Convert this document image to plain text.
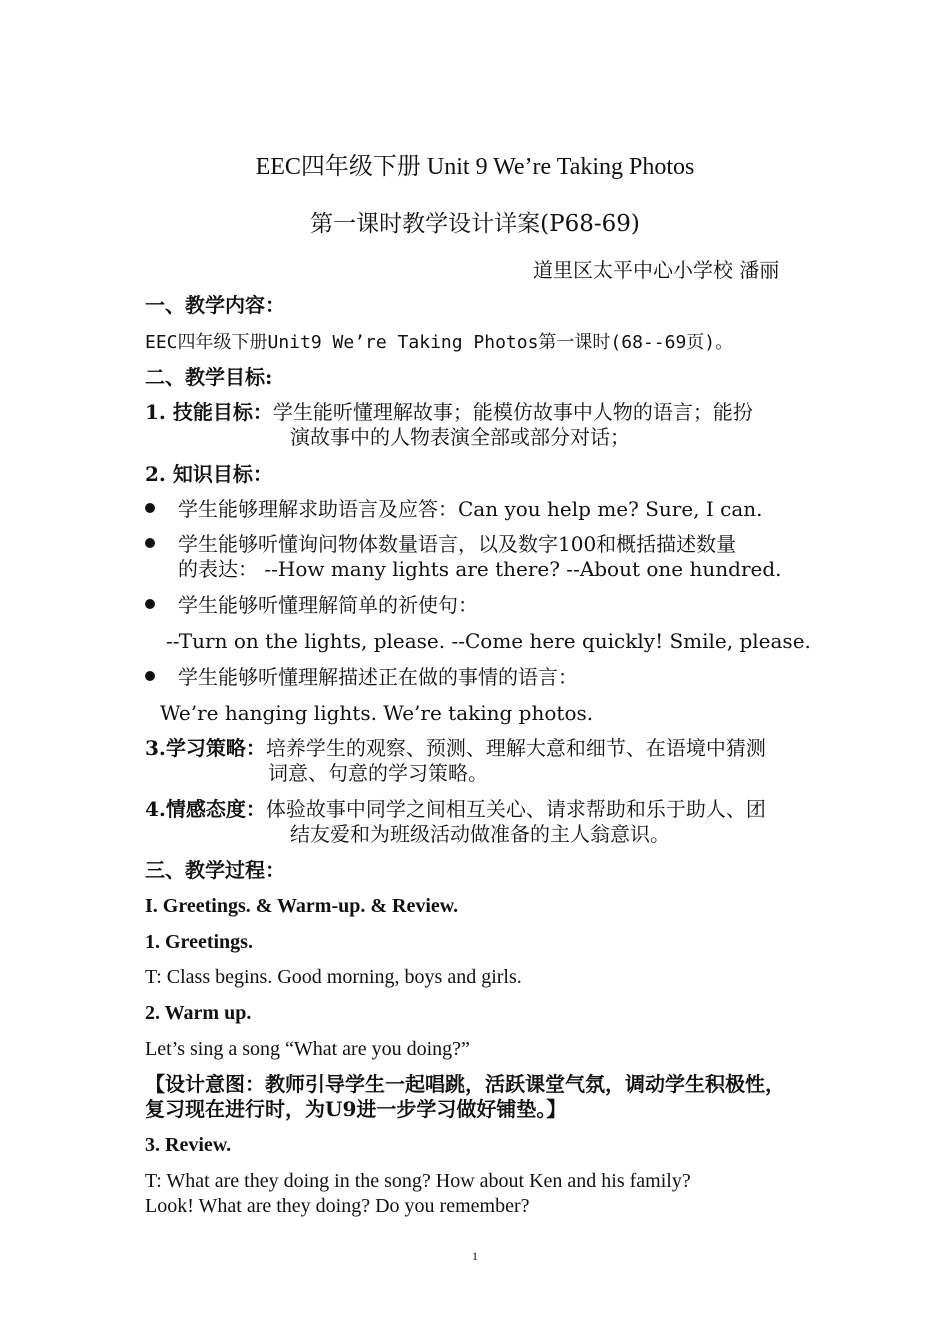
EEC四年级下册 Unit 9 We’re Taking Photos
第一课时教学设计详案(P68-69)
道里区太平中心小学校 潘丽
一、教学内容：
EEC四年级下册Unit9 We’re Taking Photos第一课时(68--69页)。
二、教学目标:
1. 技能目标：学生能听懂理解故事；能模仿故事中人物的语言；能扮
演故事中的人物表演全部或部分对话；
2. 知识目标：
学生能够理解求助语言及应答：Can you help me? Sure, I can.
学生能够听懂询问物体数量语言，以及数字100和概括描述数量
的表达： --How many lights are there? --About one hundred.
学生能够听懂理解简单的祈使句：
--Turn on the lights, please. --Come here quickly! Smile, please.
学生能够听懂理解描述正在做的事情的语言：
We’re hanging lights. We’re taking photos.
3.学习策略：培养学生的观察、预测、理解大意和细节、在语境中猜测
词意、句意的学习策略。
4.情感态度：体验故事中同学之间相互关心、请求帮助和乐于助人、团
结友爱和为班级活动做准备的主人翁意识。
三、教学过程：
I. Greetings. & Warm-up. & Review.
1. Greetings.
T: Class begins. Good morning, boys and girls.
2. Warm up.
Let’s sing a song “What are you doing?”
【设计意图：教师引导学生一起唱跳，活跃课堂气氛，调动学生积极性，
复习现在进行时，为U9进一步学习做好铺垫。】
3. Review.
T: What are they doing in the song? How about Ken and his family?
Look! What are they doing? Do you remember?
1
